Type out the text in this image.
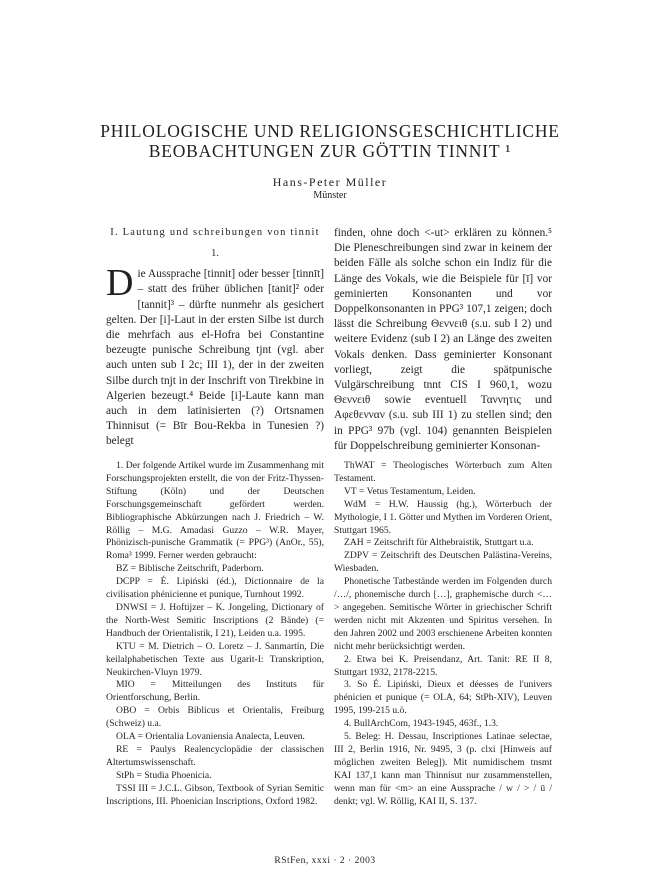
PHILOLOGISCHE UND RELIGIONSGESCHICHTLICHE
BEOBACHTUNGEN ZUR GÖTTIN TINNIT ¹
Hans-Peter Müller
Münster
I. Lautung und schreibungen von tinnit
1.

Die Aussprache [tinnit] oder besser [tinnīt] – statt des früher üblichen [tanit]² oder [tannit]³ – dürfte nunmehr als gesichert gelten. Der [i]-Laut in der ersten Silbe ist durch die mehrfach aus el-Hofra bei Constantine bezeugte punische Schreibung tjnt (vgl. aber auch unten sub I 2c; III 1), der in der zweiten Silbe durch tnjt in der Inschrift von Tirekbine in Algerien bezeugt.⁴ Beide [i]-Laute kann man auch in dem latinisierten (?) Ortsnamen Thinnisut (= Bīr Bou-Rekba in Tunesien ?) belegt

finden, ohne doch <-ut> erklären zu können.⁵ Die Pleneschreibungen sind zwar in keinem der beiden Fälle als solche schon ein Indiz für die Länge des Vokals, wie die Beispiele für [ī] vor geminierten Konsonanten und vor Doppelkonsonanten in PPG³ 107,1 zeigen; doch lässt die Schreibung Θεννειθ (s.u. sub I 2) und weitere Evidenz (sub I 2) an Länge des zweiten Vokals denken. Dass geminierter Konsonant vorliegt, zeigt die spätpunische Vulgärschreibung tnnt CIS I 960,1, wozu Θεννειθ sowie eventuell Ταννητις und Αφεθενναν (s.u. sub III 1) zu stellen sind; den in PPG³ 97b (vgl. 104) genannten Beispielen für Doppelschreibung geminierter Konsonan-

1. Der folgende Artikel wurde im Zusammenhang mit Forschungsprojekten erstellt, die von der Fritz-Thyssen-Stiftung (Köln) und der Deutschen Forschungsgemeinschaft gefördert werden. Bibliographische Abkürzungen nach J. Friedrich – W. Röllig – M.G. Amadasi Guzzo – W.R. Mayer, Phönizisch-punische Grammatik (= PPG³) (AnOr., 55), Roma³ 1999. Ferner werden gebraucht:

BZ = Biblische Zeitschrift, Paderborn.

DCPP = É. Lipiński (éd.), Dictionnaire de la civilisation phénicienne et punique, Turnhout 1992.

DNWSI = J. Hoftijzer – K. Jongeling, Dictionary of the North-West Semitic Inscriptions (2 Bände) (= Handbuch der Orientalistik, I 21), Leiden u.a. 1995.

KTU = M. Dietrich – O. Loretz – J. Sanmartín, Die keilalphabetischen Texte aus Ugarit-I: Transkription, Neukirchen-Vluyn 1979.

MIO = Mitteilungen des Instituts für Orientforschung, Berlin.

OBO = Orbis Biblicus et Orientalis, Freiburg (Schweiz) u.a.

OLA = Orientalia Lovaniensia Analecta, Leuven.

RE = Paulys Realencyclopädie der classischen Altertumswissenschaft.

StPh = Studia Phoenicia.

TSSI III = J.C.L. Gibson, Textbook of Syrian Semitic Inscriptions, III. Phoenician Inscriptions, Oxford 1982.

ThWAT = Theologisches Wörterbuch zum Alten Testament.

VT = Vetus Testamentum, Leiden.

WdM = H.W. Haussig (hg.), Wörterbuch der Mythologie, I 1. Götter und Mythen im Vorderen Orient, Stuttgart 1965.

ZAH = Zeitschrift für Althebraistik, Stuttgart u.a.

ZDPV = Zeitschrift des Deutschen Palästina-Vereins, Wiesbaden.

Phonetische Tatbestände werden im Folgenden durch /…/, phonemische durch […], graphemische durch <…> angegeben. Semitische Wörter in griechischer Schrift werden nicht mit Akzenten und Spiritus versehen. In den Jahren 2002 und 2003 erschienene Arbeiten konnten nicht mehr berücksichtigt werden.

2. Etwa bei K. Preisendanz, Art. Tanit: RE II 8, Stuttgart 1932, 2178-2215.

3. So É. Lipiński, Dieux et déesses de l'univers phénicien et punique (= OLA, 64; StPh-XIV), Leuven 1995, 199-215 u.ö.

4. BullArchCom, 1943-1945, 463f., 1.3.

5. Beleg: H. Dessau, Inscriptiones Latinae selectae, III 2, Berlin 1916, Nr. 9495, 3 (p. clxi [Hinweis auf möglichen zweiten Beleg]). Mit numidischem tnsmt KAI 137,1 kann man Thinnisut nur zusammenstellen, wenn man für <m> an eine Aussprache / w / > / ū / denkt; vgl. W. Röllig, KAI II, S. 137.

RStFen, xxxi · 2 · 2003
